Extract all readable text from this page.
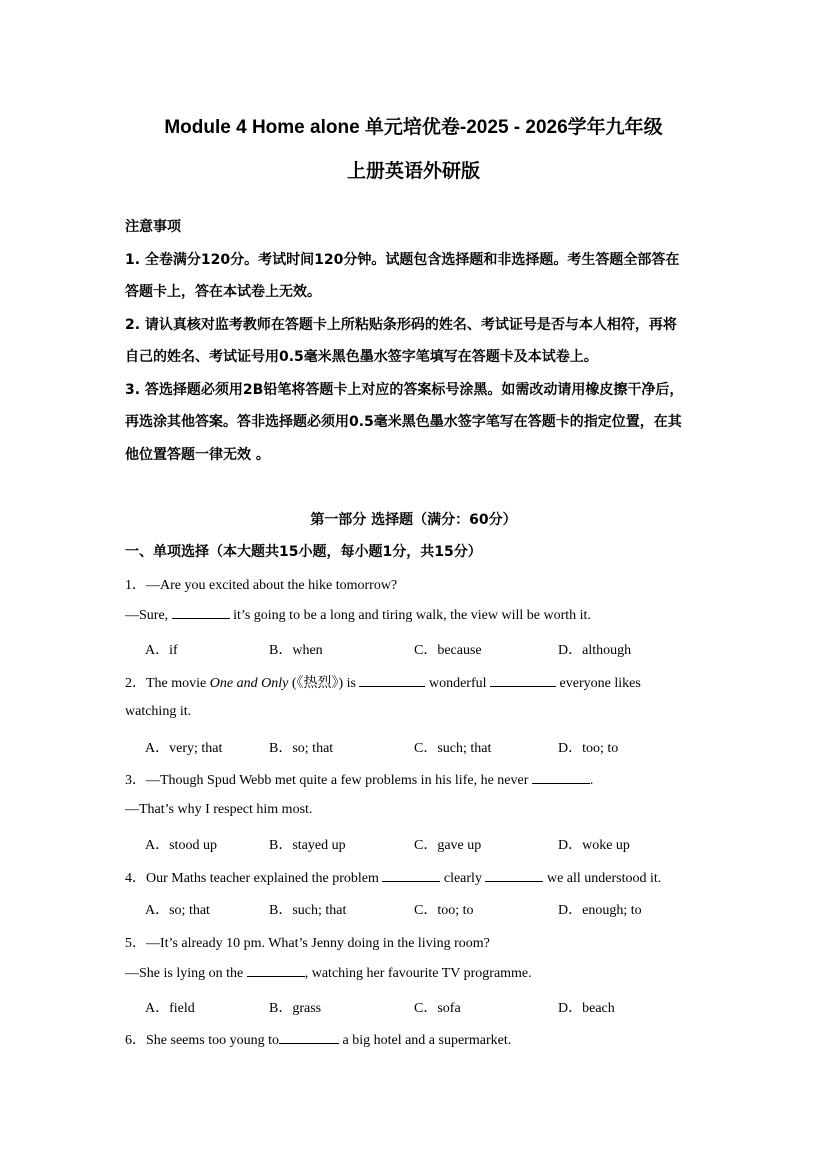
Module 4 Home alone 单元培优卷-2025 - 2026学年九年级
上册英语外研版
注意事项
1. 全卷满分120分。考试时间120分钟。试题包含选择题和非选择题。考生答题全部答在
答题卡上，答在本试卷上无效。
2. 请认真核对监考教师在答题卡上所粘贴条形码的姓名、考试证号是否与本人相符，再将
自己的姓名、考试证号用0.5毫米黑色墨水签字笔填写在答题卡及本试卷上。
3. 答选择题必须用2B铅笔将答题卡上对应的答案标号涂黑。如需改动请用橡皮擦干净后，
再选涂其他答案。答非选择题必须用0.5毫米黑色墨水签字笔写在答题卡的指定位置，在其
他位置答题一律无效 。
第一部分 选择题（满分：60分）
一、单项选择（本大题共15小题，每小题1分，共15分）
1．—Are you excited about the hike tomorrow?
—Sure,	it’s going to be a long and tiring walk, the view will be worth it.
A．if	B．when	C．because	D．although
2．The movie One and Only (《热烈》) is	wonderful	everyone likes
watching it.
A．very; that	B．so; that	C．such; that	D．too; to
3．—Though Spud Webb met quite a few problems in his life, he never	.
—That’s why I respect him most.
A．stood up	B．stayed up	C．gave up	D．woke up
4．Our Maths teacher explained the problem	clearly	we all understood it.
A．so; that	B．such; that	C．too; to	D．enough; to
5．—It’s already 10 pm. What’s Jenny doing in the living room?
—She is lying on the	, watching her favourite TV programme.
A．field	B．grass	C．sofa	D．beach
6．She seems too young to	a big hotel and a supermarket.
